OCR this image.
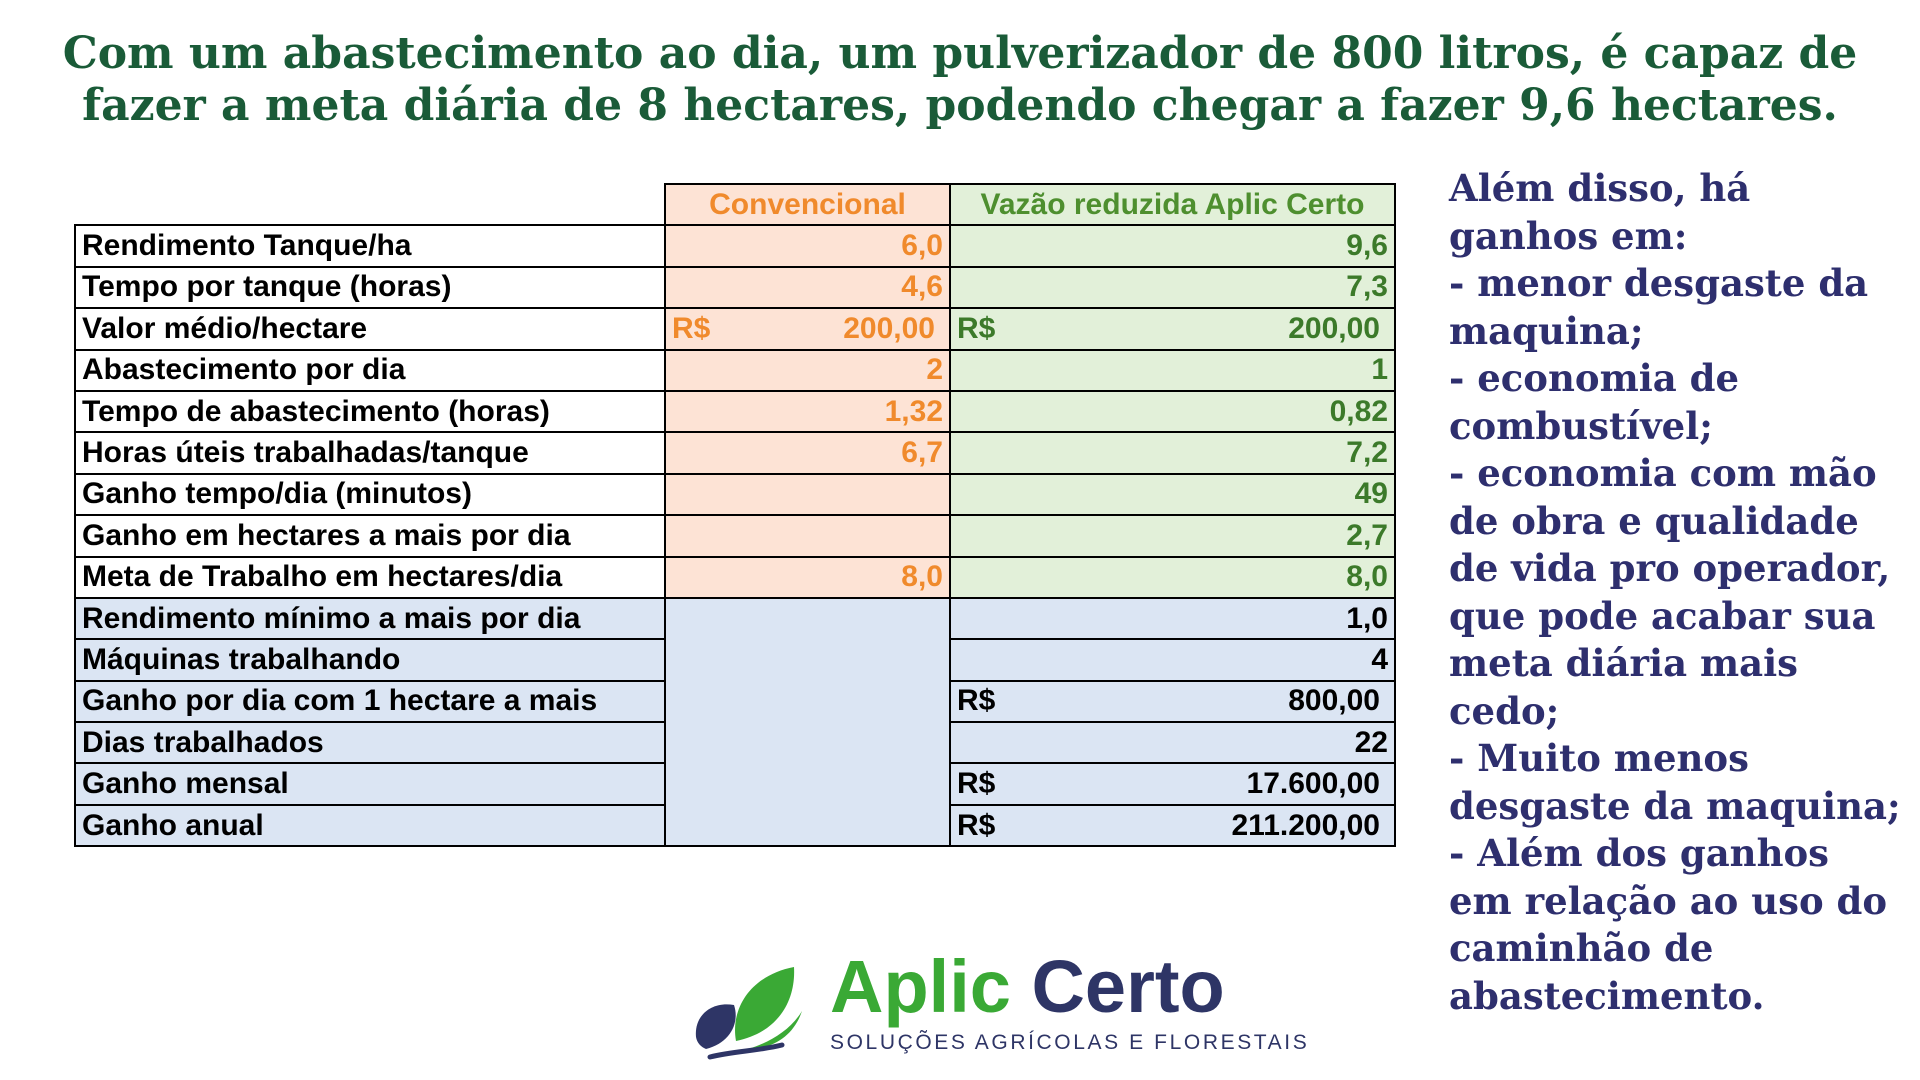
Com um abastecimento ao dia, um pulverizador de 800 litros, é capaz de
fazer a meta diária de 8 hectares, podendo chegar a fazer 9,6 hectares.
	Convencional	Vazão reduzida Aplic Certo
Rendimento Tanque/ha	6,0	9,6
Tempo por tanque (horas)	4,6	7,3
Valor médio/hectare	R$ 200,00	R$ 200,00

Abastecimento por dia	2	1
Tempo de abastecimento (horas)	1,32	0,82
Horas úteis trabalhadas/tanque	6,7	7,2
Ganho tempo/dia (minutos)		49
Ganho em hectares a mais por dia		2,7
Meta de Trabalho em hectares/dia	8,0	8,0
Rendimento mínimo a mais por dia		1,0
Máquinas trabalhando		4
Ganho por dia com 1 hectare a mais		R$ 800,00

Dias trabalhados		22
Ganho mensal		R$ 17.600,00

Ganho anual		R$ 211.200,00
Além disso, há
ganhos em:
- menor desgaste da
maquina;
- economia de
combustível;
- economia com mão
de obra e qualidade
de vida pro operador,
que pode acabar sua
meta diária mais
cedo;
- Muito menos
desgaste da maquina;
- Além dos ganhos
em relação ao uso do
caminhão de
abastecimento.
Aplic Certo
SOLUÇÕES AGRÍCOLAS E FLORESTAIS
